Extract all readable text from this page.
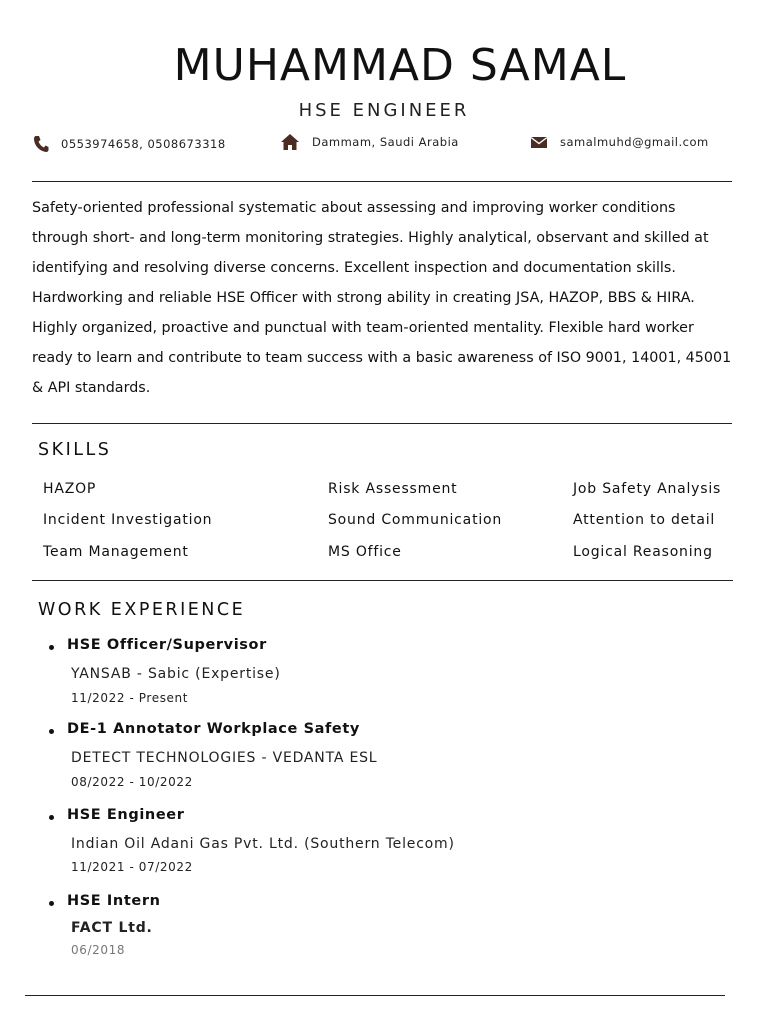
MUHAMMAD SAMAL
HSE ENGINEER
0553974658, 0508673318	Dammam, Saudi Arabia	samalmuhd@gmail.com

Safety-oriented professional systematic about assessing and improving worker conditions through short- and long-term monitoring strategies. Highly analytical, observant and skilled at identifying and resolving diverse concerns. Excellent inspection and documentation skills. Hardworking and reliable HSE Officer with strong ability in creating JSA, HAZOP, BBS & HIRA. Highly organized, proactive and punctual with team-oriented mentality. Flexible hard worker ready to learn and contribute to team success with a basic awareness of ISO 9001, 14001, 45001 & API standards.

SKILLS
HAZOP	Risk Assessment	Job Safety Analysis
Incident Investigation	Sound Communication	Attention to detail
Team Management	MS Office	Logical Reasoning
WORK EXPERIENCE
HSE Officer/Supervisor
YANSAB - Sabic (Expertise)
11/2022 - Present
DE-1 Annotator Workplace Safety
DETECT TECHNOLOGIES - VEDANTA ESL
08/2022 - 10/2022
HSE Engineer
Indian Oil Adani Gas Pvt. Ltd. (Southern Telecom)
11/2021 - 07/2022
HSE Intern
FACT Ltd.
06/2018
